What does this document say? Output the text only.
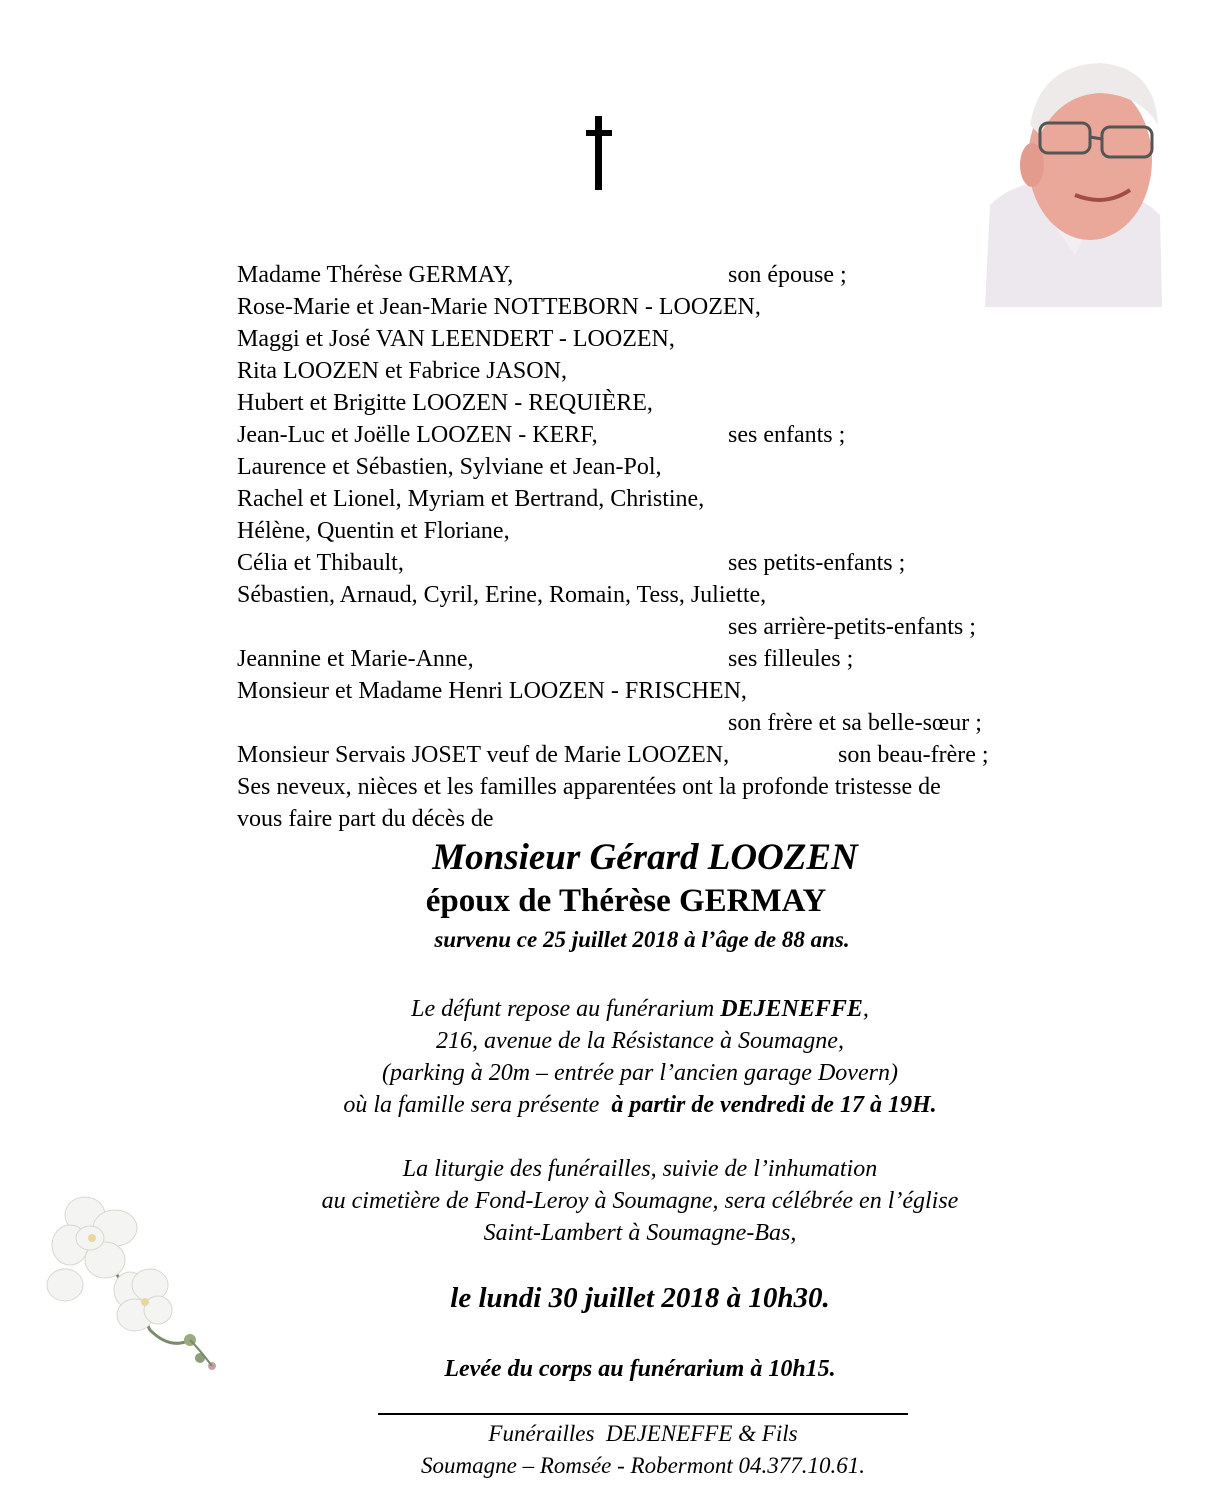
Madame Thérèse GERMAY,	son épouse ;
Rose-Marie et Jean-Marie NOTTEBORN - LOOZEN,
Maggi et José VAN LEENDERT - LOOZEN,
Rita LOOZEN et Fabrice JASON,
Hubert et Brigitte LOOZEN - REQUIÈRE,
Jean-Luc et Joëlle LOOZEN - KERF,	ses enfants ;
Laurence et Sébastien, Sylviane et Jean-Pol,
Rachel et Lionel, Myriam et Bertrand, Christine,
Hélène, Quentin et Floriane,
Célia et Thibault,	ses petits-enfants ;
Sébastien, Arnaud, Cyril, Erine, Romain, Tess, Juliette,
ses arrière-petits-enfants ;
Jeannine et Marie-Anne,	ses filleules ;
Monsieur et Madame Henri LOOZEN - FRISCHEN,
son frère et sa belle-sœur ;
Monsieur Servais JOSET veuf de Marie LOOZEN,	son beau-frère ;
Ses neveux, nièces et les familles apparentées ont la profonde tristesse de
vous faire part du décès de
Monsieur Gérard LOOZEN
époux de Thérèse GERMAY
survenu ce 25 juillet 2018 à l’âge de 88 ans.
Le défunt repose au funérarium DEJENEFFE,
216, avenue de la Résistance à Soumagne,
(parking à 20m – entrée par l’ancien garage Dovern)
où la famille sera présente  à partir de vendredi de 17 à 19H.
La liturgie des funérailles, suivie de l’inhumation
au cimetière de Fond-Leroy à Soumagne, sera célébrée en l’église
Saint-Lambert à Soumagne-Bas,
le lundi 30 juillet 2018 à 10h30.
Levée du corps au funérarium à 10h15.
Funérailles  DEJENEFFE & Fils
Soumagne – Romsée - Robermont 04.377.10.61.
